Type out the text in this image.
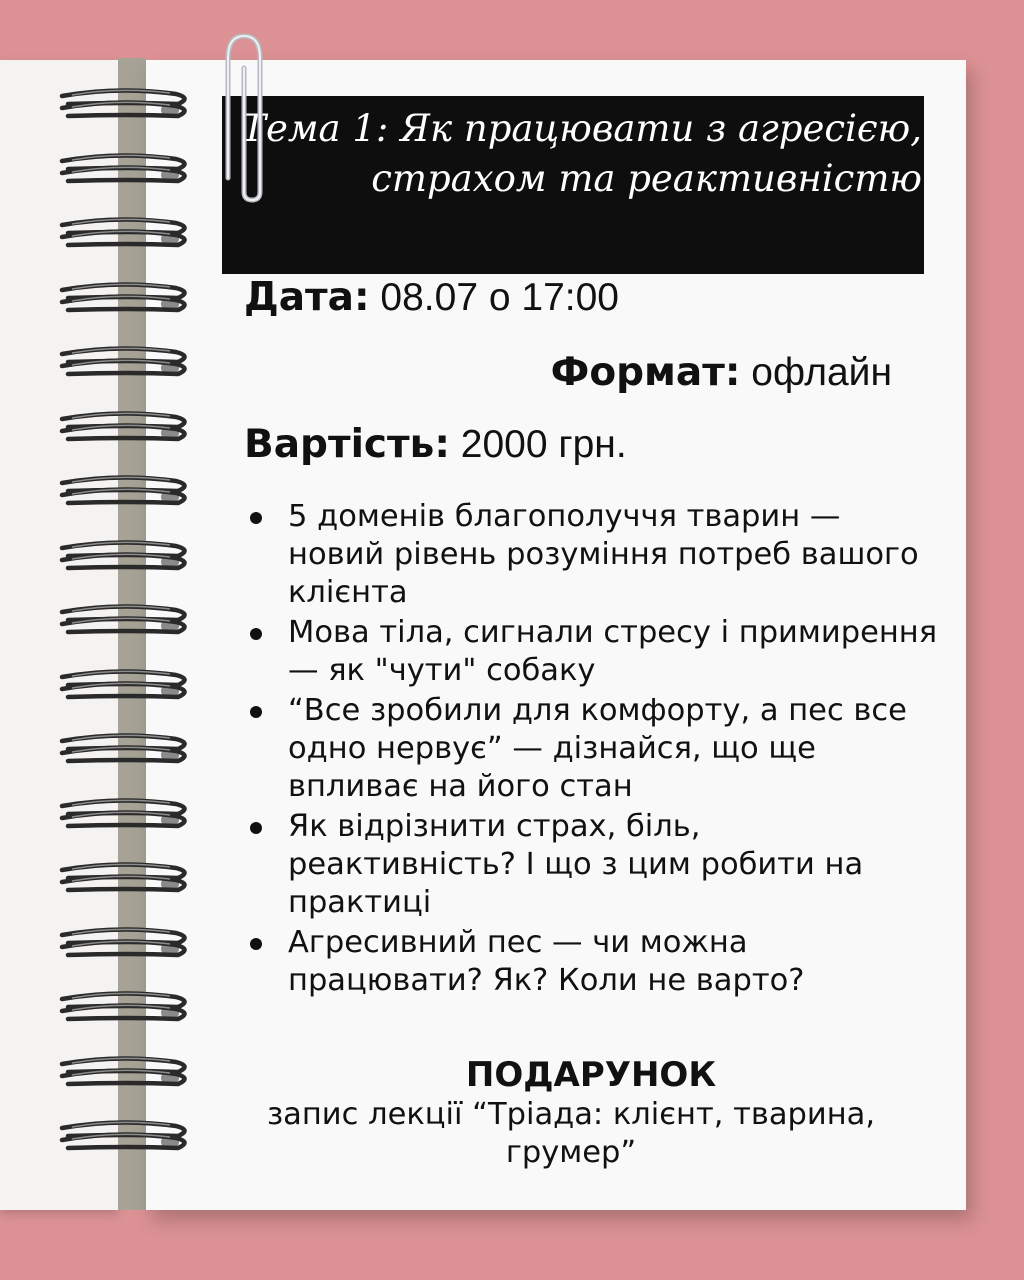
Тема 1: Як працювати з агресією, страхом та реактивністю

Дата: 08.07 о 17:00

Формат: офлайн

Вартість: 2000 грн.

5 доменів благополуччя тварин — новий рівень розуміння потреб вашого клієнта
Мова тіла, сигнали стресу і примирення — як "чути" собаку
“Все зробили для комфорту, а пес все одно нервує” — дізнайся, що ще впливає на його стан
Як відрізнити страх, біль, реактивність? І що з цим робити на практиці
Агресивний пес — чи можна працювати? Як? Коли не варто?

ПОДАРУНОК

запис лекції “Тріада: клієнт, тварина, грумер”
